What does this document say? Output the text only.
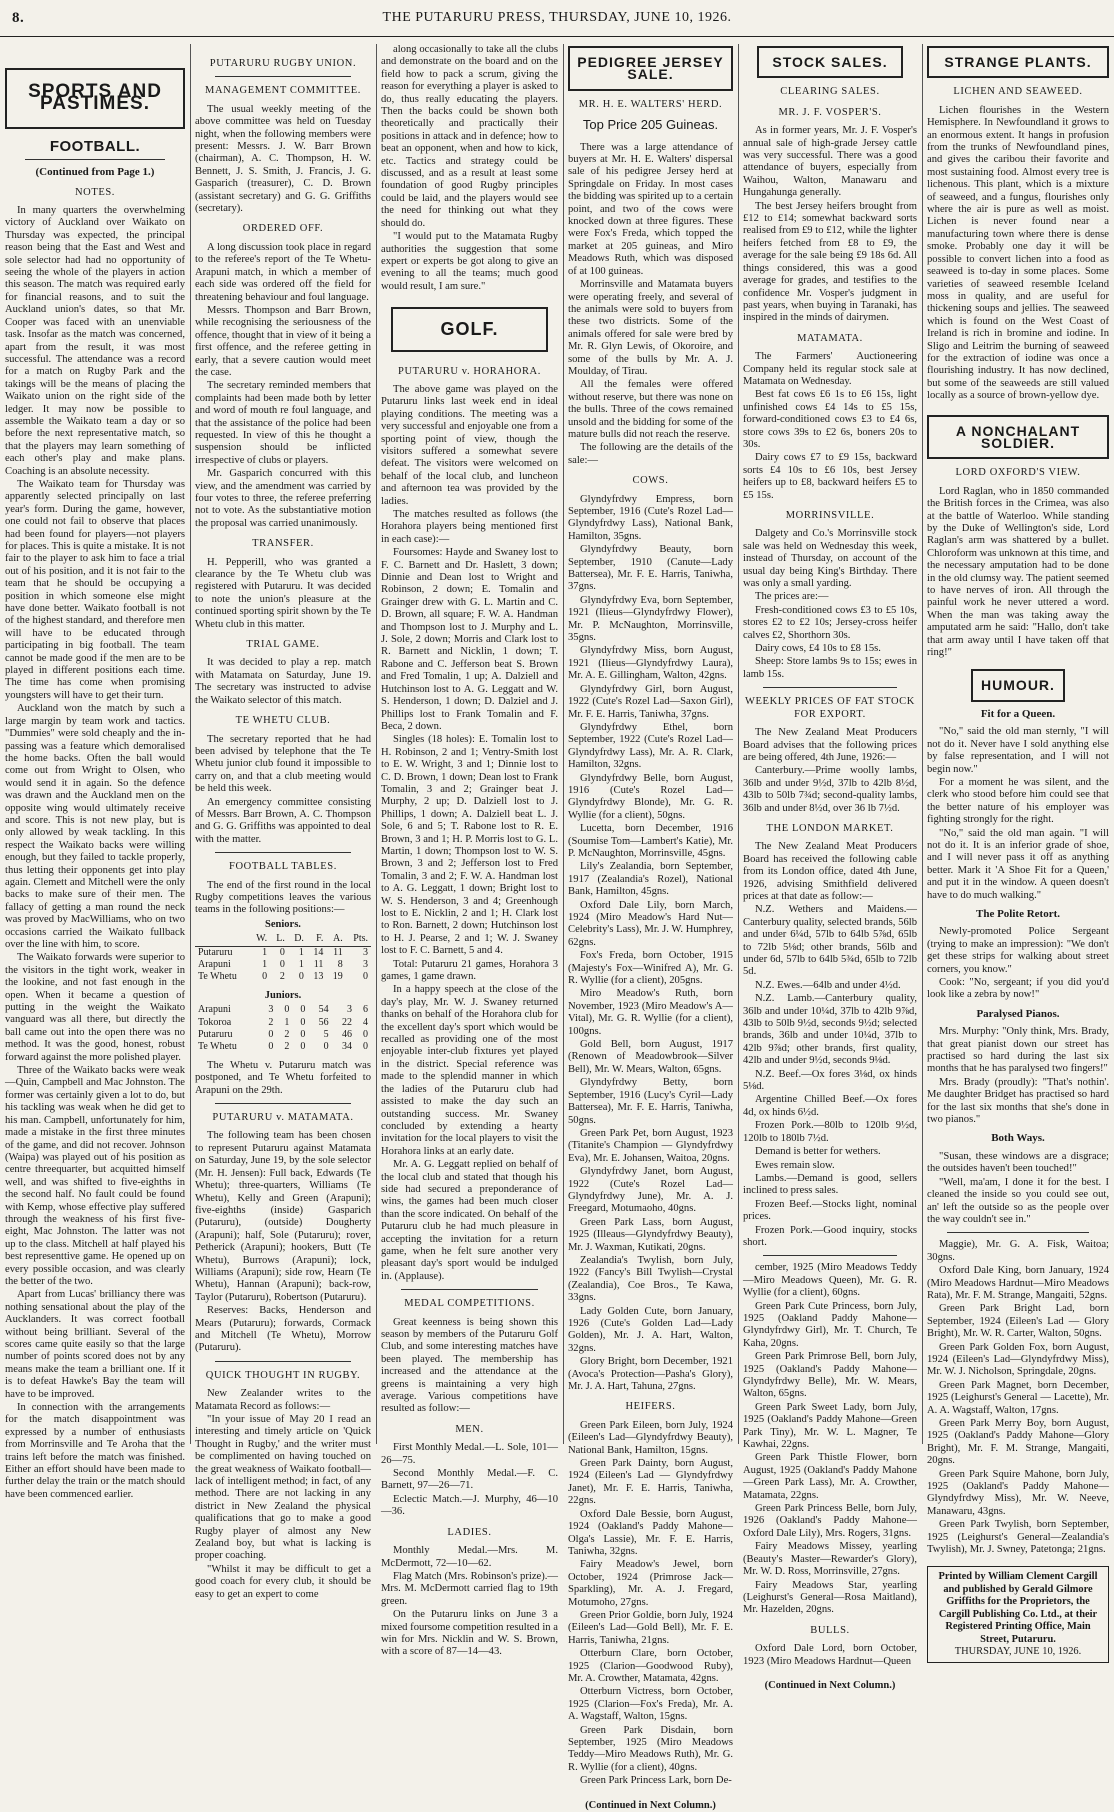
8.	THE PUTARURU PRESS, THURSDAY, JUNE 10, 1926.
SPORTS AND PASTIMES.
FOOTBALL.
(Continued from Page 1.)
NOTES.

In many quarters the overwhelming victory of Auckland over Waikato on Thursday was expected, the principal reason being that the East and West and sole selector had had no opportunity of seeing the whole of the players in action this season. The match was required early for financial reasons, and to suit the Auckland union's dates, so that Mr. Cooper was faced with an unenviable task. Insofar as the match was concerned, apart from the result, it was most successful. The attendance was a record for a match on Rugby Park and the takings will be the means of placing the Waikato union on the right side of the ledger. It may now be possible to assemble the Waikato team a day or so before the next representative match, so that the players may learn something of each other's play and make plans. Coaching is an absolute necessity.

The Waikato team for Thursday was apparently selected principally on last year's form. During the game, however, one could not fail to observe that places had been found for players—not players for places. This is quite a mistake. It is not fair to the player to ask him to face a trial out of his position, and it is not fair to the team that he should be occupying a position in which someone else might have done better. Waikato football is not of the highest standard, and therefore men will have to be educated through participating in big football. The team cannot be made good if the men are to be played in different positions each time. The time has come when promising youngsters will have to get their turn.

Auckland won the match by such a large margin by team work and tactics. "Dummies" were sold cheaply and the in-passing was a feature which demoralised the home backs. Often the ball would come out from Wright to Olsen, who would send it in again. So the defence was drawn and the Auckland men on the opposite wing would ultimately receive and score. This is not new play, but is only allowed by weak tackling. In this respect the Waikato backs were willing enough, but they failed to tackle properly, thus letting their opponents get into play again. Clemett and Mitchell were the only backs to make sure of their men. The fallacy of getting a man round the neck was proved by MacWilliams, who on two occasions carried the Waikato fullback over the line with him, to score.

The Waikato forwards were superior to the visitors in the tight work, weaker in the lookine, and not fast enough in the open. When it became a question of putting in the weight the Waikato vanguard was all there, but directly the ball came out into the open there was no method. It was the good, honest, robust forward against the more polished player.

Three of the Waikato backs were weak—Quin, Campbell and Mac Johnston. The former was certainly given a lot to do, but his tackling was weak when he did get to his man. Campbell, unfortunately for him, made a mistake in the first three minutes of the game, and did not recover. Johnson (Waipa) was played out of his position as centre threequarter, but acquitted himself well, and was shifted to five-eighths in the second half. No fault could be found with Kemp, whose effective play suffered through the weakness of his first five-eight, Mac Johnston. The latter was not up to the class. Mitchell at half played his best representtive game. He opened up on every possible occasion, and was clearly the better of the two.

Apart from Lucas' brilliancy there was nothing sensational about the play of the Aucklanders. It was correct football without being brilliant. Several of the scores came quite easily so that the large number of points scored does not by any means make the team a brilliant one. If it is to defeat Hawke's Bay the team will have to be improved.

In connection with the arrangements for the match disappointment was expressed by a number of enthusiasts from Morrinsville and Te Aroha that the trains left before the match was finished. Either an effort should have been made to further delay the train or the match should have been commenced earlier.

PUTARURU RUGBY UNION.
MANAGEMENT COMMITTEE.

The usual weekly meeting of the above committee was held on Tuesday night, when the following members were present: Messrs. J. W. Barr Brown (chairman), A. C. Thompson, H. W. Bennett, J. S. Smith, J. Francis, J. G. Gasparich (treasurer), C. D. Brown (assistant secretary) and G. G. Griffiths (secretary).

ORDERED OFF.

A long discussion took place in regard to the referee's report of the Te Whetu-Arapuni match, in which a member of each side was ordered off the field for threatening behaviour and foul language.

Messrs. Thompson and Barr Brown, while recognising the seriousness of the offence, thought that in view of it being a first offence, and the referee getting in early, that a severe caution would meet the case.

The secretary reminded members that complaints had been made both by letter and word of mouth re foul language, and that the assistance of the police had been requested. In view of this he thought a suspension should be inflicted irrespective of clubs or players.

Mr. Gasparich concurred with this view, and the amendment was carried by four votes to three, the referee preferring not to vote. As the substantiative motion the proposal was carried unanimously.

TRANSFER.

H. Pepperill, who was granted a clearance by the Te Whetu club was registered with Putaruru. It was decided to note the union's pleasure at the continued sporting spirit shown by the Te Whetu club in this matter.

TRIAL GAME.

It was decided to play a rep. match with Matamata on Saturday, June 19. The secretary was instructed to advise the Waikato selector of this match.

TE WHETU CLUB.

The secretary reported that he had been advised by telephone that the Te Whetu junior club found it impossible to carry on, and that a club meeting would be held this week.

An emergency committee consisting of Messrs. Barr Brown, A. C. Thompson and G. G. Griffiths was appointed to deal with the matter.

FOOTBALL TABLES.

The end of the first round in the local Rugby competitions leaves the various teams in the following positions:—

Seniors.
	W.	L.	D.	F.	A.	Pts.
Putaruru	1	0	1	14	11	3
Arapuni	1	0	1	11	8	3
Te Whetu	0	2	0	13	19	0
Juniors.
Arapuni	3	0	0	54	3	6
Tokoroa	2	1	0	56	22	4
Putaruru	0	2	0	5	46	0
Te Whetu	0	2	0	0	34	0

The Whetu v. Putaruru match was postponed, and Te Whetu forfeited to Arapuni on the 29th.

PUTARURU v. MATAMATA.

The following team has been chosen to represent Putaruru against Matamata on Saturday, June 19, by the sole selector (Mr. H. Jensen): Full back, Edwards (Te Whetu); three-quarters, Williams (Te Whetu), Kelly and Green (Arapuni); five-eighths (inside) Gasparich (Putaruru), (outside) Dougherty (Arapuni); half, Sole (Putaruru); rover, Petherick (Arapuni); hookers, Butt (Te Whetu), Burrows (Arapuni); lock, Williams (Arapuni); side row, Hearn (Te Whetu), Hannan (Arapuni); back-row, Taylor (Putaruru), Robertson (Putaruru).

Reserves: Backs, Henderson and Mears (Putaruru); forwards, Cormack and Mitchell (Te Whetu), Morrow (Putaruru).

QUICK THOUGHT IN RUGBY.

New Zealander writes to the Matamata Record as follows:—

"In your issue of May 20 I read an interesting and timely article on 'Quick Thought in Rugby,' and the writer must be complimented on having touched on the great weakness of Waikato football—lack of intelligent method; in fact, of any method. There are not lacking in any district in New Zealand the physical qualifications that go to make a good Rugby player of almost any New Zealand boy, but what is lacking is proper coaching.

"Whilst it may be difficult to get a good coach for every club, it should be easy to get an expert to come

along occasionally to take all the clubs and demonstrate on the board and on the field how to pack a scrum, giving the reason for everything a player is asked to do, thus really educating the players. Then the backs could be shown both theoretically and practically their positions in attack and in defence; how to beat an opponent, when and how to kick, etc. Tactics and strategy could be discussed, and as a result at least some foundation of good Rugby principles could be laid, and the players would see the need for thinking out what they should do.

"I would put to the Matamata Rugby authorities the suggestion that some expert or experts be got along to give an evening to all the teams; much good would result, I am sure."

GOLF.
PUTARURU v. HORAHORA.

The above game was played on the Putaruru links last week end in ideal playing conditions. The meeting was a very successful and enjoyable one from a sporting point of view, though the visitors suffered a somewhat severe defeat. The visitors were welcomed on behalf of the local club, and luncheon and afternoon tea was provided by the ladies.

The matches resulted as follows (the Horahora players being mentioned first in each case):—

Foursomes: Hayde and Swaney lost to F. C. Barnett and Dr. Haslett, 3 down; Dinnie and Dean lost to Wright and Robinson, 2 down; E. Tomalin and Grainger drew with G. L. Martin and C. D. Brown, all square; F. W. A. Handman and Thompson lost to J. Murphy and L. J. Sole, 2 down; Morris and Clark lost to R. Barnett and Nicklin, 1 down; T. Rabone and C. Jefferson beat S. Brown and Fred Tomalin, 1 up; A. Dalziell and Hutchinson lost to A. G. Leggatt and W. S. Henderson, 1 down; D. Dalziel and J. Phillips lost to Frank Tomalin and F. Beca, 2 down.

Singles (18 holes): E. Tomalin lost to H. Robinson, 2 and 1; Ventry-Smith lost to E. W. Wright, 3 and 1; Dinnie lost to C. D. Brown, 1 down; Dean lost to Frank Tomalin, 3 and 2; Grainger beat J. Murphy, 2 up; D. Dalziell lost to J. Phillips, 1 down; A. Dalziell beat L. J. Sole, 6 and 5; T. Rabone lost to R. E. Brown, 3 and 1; H. P. Morris lost to G. L. Martin, 1 down; Thompson lost to W. S. Brown, 3 and 2; Jefferson lost to Fred Tomalin, 3 and 2; F. W. A. Handman lost to A. G. Leggatt, 1 down; Bright lost to W. S. Henderson, 3 and 4; Greenhough lost to E. Nicklin, 2 and 1; H. Clark lost to Ron. Barnett, 2 down; Hutchinson lost to H. J. Pearse, 2 and 1; W. J. Swaney lost to F. C. Barnett, 5 and 4.

Total: Putaruru 21 games, Horahora 3 games, 1 game drawn.

In a happy speech at the close of the day's play, Mr. W. J. Swaney returned thanks on behalf of the Horahora club for the excellent day's sport which would be recalled as providing one of the most enjoyable inter-club fixtures yet played in the district. Special reference was made to the splendid manner in which the ladies of the Putaruru club had assisted to make the day such an outstanding success. Mr. Swaney concluded by extending a hearty invitation for the local players to visit the Horahora links at an early date.

Mr. A. G. Leggatt replied on behalf of the local club and stated that though his side had secured a preponderance of wins, the games had been much closer than the score indicated. On behalf of the Putaruru club he had much pleasure in accepting the invitation for a return game, when he felt sure another very pleasant day's sport would be indulged in. (Applause).

MEDAL COMPETITIONS.

Great keenness is being shown this season by members of the Putaruru Golf Club, and some interesting matches have been played. The membership has increased and the attendance at the greens is maintaining a very high average. Various competitions have resulted as follow:—

MEN.

First Monthly Medal.—L. Sole, 101—26—75.

Second Monthly Medal.—F. C. Barnett, 97—26—71.

Eclectic Match.—J. Murphy, 46—10—36.

LADIES.

Monthly Medal.—Mrs. M. McDermott, 72—10—62.

Flag Match (Mrs. Robinson's prize).—Mrs. M. McDermott carried flag to 19th green.

On the Putaruru links on June 3 a mixed foursome competition resulted in a win for Mrs. Nicklin and W. S. Brown, with a score of 87—14—43.

PEDIGREE JERSEY SALE.
MR. H. E. WALTERS' HERD.
Top Price 205 Guineas.

There was a large attendance of buyers at Mr. H. E. Walters' dispersal sale of his pedigree Jersey herd at Springdale on Friday. In most cases the bidding was spirited up to a certain point, and two of the cows were knocked down at three figures. These were Fox's Freda, which topped the market at 205 guineas, and Miro Meadows Ruth, which was disposed of at 100 guineas.

Morrinsville and Matamata buyers were operating freely, and several of the animals were sold to buyers from these two districts. Some of the animals offered for sale were bred by Mr. R. Glyn Lewis, of Okoroire, and some of the bulls by Mr. A. J. Moulday, of Tirau.

All the females were offered without reserve, but there was none on the bulls. Three of the cows remained unsold and the bidding for some of the mature bulls did not reach the reserve.

The following are the details of the sale:—

COWS.

Glyndyfrdwy Empress, born September, 1916 (Cute's Rozel Lad—Glyndyfrdwy Lass), National Bank, Hamilton, 35gns.

Glyndyfrdwy Beauty, born September, 1910 (Canute—Lady Battersea), Mr. F. E. Harris, Taniwha, 37gns.

Glyndyfrdwy Eva, born September, 1921 (Ilieus—Glyndyfrdwy Flower), Mr. P. McNaughton, Morrinsville, 35gns.

Glyndyfrdwy Miss, born August, 1921 (Ilieus—Glyndyfrdwy Laura), Mr. A. E. Gillingham, Walton, 42gns.

Glyndyfrdwy Girl, born August, 1922 (Cute's Rozel Lad—Saxon Girl), Mr. F. E. Harris, Taniwha, 37gns.

Glyndyfrdwy Ethel, born September, 1922 (Cute's Rozel Lad—Glyndyfrdwy Lass), Mr. A. R. Clark, Hamilton, 32gns.

Glyndyfrdwy Belle, born August, 1916 (Cute's Rozel Lad—Glyndyfrdwy Blonde), Mr. G. R. Wyllie (for a client), 50gns.

Lucetta, born December, 1916 (Soumise Tom—Lambert's Katie), Mr. P. McNaughton, Morrinsville, 45gns.

Lily's Zealandia, born September, 1917 (Zealandia's Rozel), National Bank, Hamilton, 45gns.

Oxford Dale Lily, born March, 1924 (Miro Meadow's Hard Nut—Celebrity's Lass), Mr. J. W. Humphrey, 62gns.

Fox's Freda, born October, 1915 (Majesty's Fox—Winifred A), Mr. G. R. Wyllie (for a client), 205gns.

Miro Meadow's Ruth, born November, 1923 (Miro Meadow's A—Vital), Mr. G. R. Wyllie (for a client), 100gns.

Gold Bell, born August, 1917 (Renown of Meadowbrook—Silver Bell), Mr. W. Mears, Walton, 65gns.

Glyndyfrdwy Betty, born September, 1916 (Lucy's Cyril—Lady Battersea), Mr. F. E. Harris, Taniwha, 50gns.

Green Park Pet, born August, 1923 (Titanite's Champion — Glyndyfrdwy Eva), Mr. E. Johansen, Waitoa, 20gns.

Glyndyfrdwy Janet, born August, 1922 (Cute's Rozel Lad—Glyndyfrdwy June), Mr. A. J. Freegard, Motumaoho, 40gns.

Green Park Lass, born August, 1925 (Illeaus—Glyndyfrdwy Beauty), Mr. J. Waxman, Kutikati, 20gns.

Zealandia's Twylish, born July, 1922 (Fancy's Bill Twylish—Crystal (Zealandia), Coe Bros., Te Kawa, 33gns.

Lady Golden Cute, born January, 1926 (Cute's Golden Lad—Lady Golden), Mr. J. A. Hart, Walton, 32gns.

Glory Bright, born December, 1921 (Avoca's Protection—Pasha's Glory), Mr. J. A. Hart, Tahuna, 27gns.

HEIFERS.

Green Park Eileen, born July, 1924 (Eileen's Lad—Glyndyfrdwy Beauty), National Bank, Hamilton, 15gns.

Green Park Dainty, born August, 1924 (Eileen's Lad — Glyndyfrdwy Janet), Mr. F. E. Harris, Taniwha, 22gns.

Oxford Dale Bessie, born August, 1924 (Oakland's Paddy Mahone—Olga's Lassie), Mr. F. E. Harris, Taniwha, 32gns.

Fairy Meadow's Jewel, born October, 1924 (Primrose Jack—Sparkling), Mr. A. J. Fregard, Motumoho, 27gns.

Green Prior Goldie, born July, 1924 (Eileen's Lad—Gold Bell), Mr. F. E. Harris, Taniwha, 21gns.

Otterburn Clare, born October, 1925 (Clarion—Goodwood Ruby), Mr. A. Crowther, Matamata, 42gns.

Otterburn Victress, born October, 1925 (Clarion—Fox's Freda), Mr. A. A. Wagstaff, Walton, 15gns.

Green Park Disdain, born September, 1925 (Miro Meadows Teddy—Miro Meadows Ruth), Mr. G. R. Wyllie (for a client), 40gns.

Green Park Princess Lark, born De-

(Continued in Next Column.)
STOCK SALES.
CLEARING SALES.
MR. J. F. VOSPER'S.

As in former years, Mr. J. F. Vosper's annual sale of high-grade Jersey cattle was very successful. There was a good attendance of buyers, especially from Waihou, Walton, Manawaru and Hungahunga generally.

The best Jersey heifers brought from £12 to £14; somewhat backward sorts realised from £9 to £12, while the lighter heifers fetched from £8 to £9, the average for the sale being £9 18s 6d. All things considered, this was a good average for grades, and testifies to the confidence Mr. Vosper's judgment in past years, when buying in Taranaki, has inspired in the minds of dairymen.

MATAMATA.

The Farmers' Auctioneering Company held its regular stock sale at Matamata on Wednesday.

Best fat cows £6 1s to £6 15s, light unfinished cows £4 14s to £5 15s, forward-conditioned cows £3 to £4 6s, store cows 39s to £2 6s, boners 20s to 30s.

Dairy cows £7 to £9 15s, backward sorts £4 10s to £6 10s, best Jersey heifers up to £8, backward heifers £5 to £5 15s.

MORRINSVILLE.

Dalgety and Co.'s Morrinsville stock sale was held on Wednesday this week, instead of Thursday, on account of the usual day being King's Birthday. There was only a small yarding.

The prices are:—

Fresh-conditioned cows £3 to £5 10s, stores £2 to £2 10s; Jersey-cross heifer calves £2, Shorthorn 30s.

Dairy cows, £4 10s to £8 15s.

Sheep: Store lambs 9s to 15s; ewes in lamb 15s.

WEEKLY PRICES OF FAT STOCK FOR EXPORT.

The New Zealand Meat Producers Board advises that the following prices are being offered, 4th June, 1926:—

Canterbury.—Prime woolly lambs, 36lb and under 9½d, 37lb to 42lb 8½d, 43lb to 50lb 7¾d; second-quality lambs, 36lb and under 8½d, over 36 lb 7½d.

THE LONDON MARKET.

The New Zealand Meat Producers Board has received the following cable from its London office, dated 4th June, 1926, advising Smithfield delivered prices at that date as follow:—

N.Z. Wethers and Maidens.—Canterbury quality, selected brands, 56lb and under 6¼d, 57lb to 64lb 5⅞d, 65lb to 72lb 5⅛d; other brands, 56lb and under 6d, 57lb to 64lb 5¾d, 65lb to 72lb 5d.

N.Z. Ewes.—64lb and under 4½d.

N.Z. Lamb.—Canterbury quality, 36lb and under 10¼d, 37lb to 42lb 9⅞d, 43lb to 50lb 9½d, seconds 9½d; selected brands, 36lb and under 10¼d, 37lb to 42lb 9⅞d; other brands, first quality, 42lb and under 9½d, seconds 9⅛d.

N.Z. Beef.—Ox fores 3⅛d, ox hinds 5⅛d.

Argentine Chilled Beef.—Ox fores 4d, ox hinds 6½d.

Frozen Pork.—80lb to 120lb 9½d, 120lb to 180lb 7½d.

Demand is better for wethers.

Ewes remain slow.

Lambs.—Demand is good, sellers inclined to press sales.

Frozen Beef.—Stocks light, nominal prices.

Frozen Pork.—Good inquiry, stocks short.

cember, 1925 (Miro Meadows Teddy—Miro Meadows Queen), Mr. G. R. Wyllie (for a client), 60gns.

Green Park Cute Princess, born July, 1925 (Oakland Paddy Mahone—Glyndyfrdwy Girl), Mr. T. Church, Te Kaha, 20gns.

Green Park Primrose Bell, born July, 1925 (Oakland's Paddy Mahone—Glyndyfrdwy Belle), Mr. W. Mears, Walton, 65gns.

Green Park Sweet Lady, born July, 1925 (Oakland's Paddy Mahone—Green Park Tiny), Mr. W. L. Magner, Te Kawhai, 22gns.

Green Park Thistle Flower, born August, 1925 (Oakland's Paddy Mahone—Green Park Lass), Mr. A. Crowther, Matamata, 22gns.

Green Park Princess Belle, born July, 1926 (Oakland's Paddy Mahone—Oxford Dale Lily), Mrs. Rogers, 31gns.

Fairy Meadows Missey, yearling (Beauty's Master—Rewarder's Glory), Mr. W. D. Ross, Morrinsville, 27gns.

Fairy Meadows Star, yearling (Leighurst's General—Rosa Maitland), Mr. Hazelden, 20gns.

BULLS.

Oxford Dale Lord, born October, 1923 (Miro Meadows Hardnut—Queen

(Continued in Next Column.)
STRANGE PLANTS.
LICHEN AND SEAWEED.

Lichen flourishes in the Western Hemisphere. In Newfoundland it grows to an enormous extent. It hangs in profusion from the trunks of Newfoundland pines, and gives the caribou their favorite and most sustaining food. Almost every tree is lichenous. This plant, which is a mixture of seaweed, and a fungus, flourishes only where the air is pure as well as moist. Lichen is never found near a manufacturing town where there is dense smoke. Probably one day it will be possible to convert lichen into a food as seaweed is to-day in some places. Some varieties of seaweed resemble Iceland moss in quality, and are useful for thickening soups and jellies. The seaweed which is found on the West Coast of Ireland is rich in bromine and iodine. In Sligo and Leitrim the burning of seaweed for the extraction of iodine was once a flourishing industry. It has now declined, but some of the seaweeds are still valued locally as a source of brown-yellow dye.

A NONCHALANT SOLDIER.
LORD OXFORD'S VIEW.

Lord Raglan, who in 1850 commanded the British forces in the Crimea, was also at the battle of Waterloo. While standing by the Duke of Wellington's side, Lord Raglan's arm was shattered by a bullet. Chloroform was unknown at this time, and the necessary amputation had to be done in the old clumsy way. The patient seemed to have nerves of iron. All through the painful work he never uttered a word. When the man was taking away the amputated arm he said: "Hallo, don't take that arm away until I have taken off that ring!"

HUMOUR.
Fit for a Queen.

"No," said the old man sternly, "I will not do it. Never have I sold anything else by false representation, and I will not begin now."

For a moment he was silent, and the clerk who stood before him could see that the better nature of his employer was fighting strongly for the right.

"No," said the old man again. "I will not do it. It is an inferior grade of shoe, and I will never pass it off as anything better. Mark it 'A Shoe Fit for a Queen,' and put it in the window. A queen doesn't have to do much walking."

The Polite Retort.

Newly-promoted Police Sergeant (trying to make an impression): "We don't get these strips for walking about street corners, you know."

Cook: "No, sergeant; if you did you'd look like a zebra by now!"

Paralysed Pianos.

Mrs. Murphy: "Only think, Mrs. Brady, that great pianist down our street has practised so hard during the last six months that he has paralysed two fingers!"

Mrs. Brady (proudly): "That's nothin'. Me daughter Bridget has practised so hard for the last six months that she's done in two pianos."

Both Ways.

"Susan, these windows are a disgrace; the outsides haven't been touched!"

"Well, ma'am, I done it for the best. I cleaned the inside so you could see out, an' left the outside so as the people over the way couldn't see in."

Maggie), Mr. G. A. Fisk, Waitoa; 30gns.

Oxford Dale King, born January, 1924 (Miro Meadows Hardnut—Miro Meadows Rata), Mr. F. M. Strange, Mangaiti, 52gns.

Green Park Bright Lad, born September, 1924 (Eileen's Lad — Glory Bright), Mr. W. R. Carter, Walton, 50gns.

Green Park Golden Fox, born August, 1924 (Eileen's Lad—Glyndyfrdwy Miss), Mr. W. J. Nicholson, Springdale, 20gns.

Green Park Magnet, born December, 1925 (Leighurst's General — Lacette), Mr. A. A. Wagstaff, Walton, 17gns.

Green Park Merry Boy, born August, 1925 (Oakland's Paddy Mahone—Glory Bright), Mr. F. M. Strange, Mangaiti, 20gns.

Green Park Squire Mahone, born July, 1925 (Oakland's Paddy Mahone—Glyndyfrdwy Miss), Mr. W. Neeve, Manawaru, 43gns.

Green Park Twylish, born September, 1925 (Leighurst's General—Zealandia's Twylish), Mr. J. Swney, Patetonga; 21gns.

Printed by William Clement Cargill and published by Gerald Gilmore Griffiths for the Proprietors, the Cargill Publishing Co. Ltd., at their Registered Printing Office, Main Street, Putaruru.
THURSDAY, JUNE 10, 1926.
